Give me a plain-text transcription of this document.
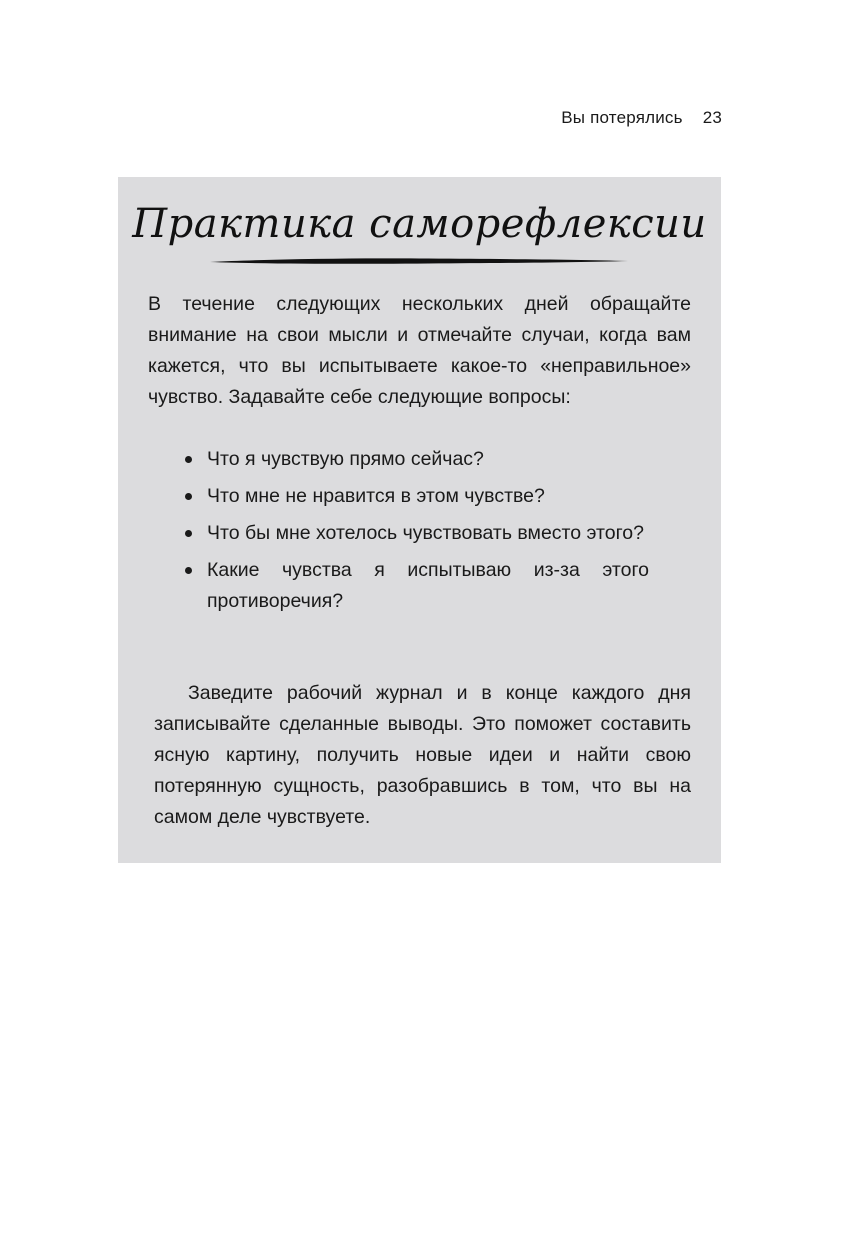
Вы потерялись 23
Практика саморефлексии

В течение следующих нескольких дней обращайте внимание на свои мысли и отмечайте случаи, когда вам кажется, что вы испытываете какое-то «неправильное» чувство. Задавайте себе следующие вопросы:

Что я чувствую прямо сейчас?
Что мне не нравится в этом чувстве?
Что бы мне хотелось чувствовать вместо этого?
Какие чувства я испытываю из-за этого противоречия?

Заведите рабочий журнал и в конце каждого дня записывайте сделанные выводы. Это поможет составить ясную картину, получить новые идеи и найти свою потерянную сущность, разобравшись в том, что вы на самом деле чувствуете.
